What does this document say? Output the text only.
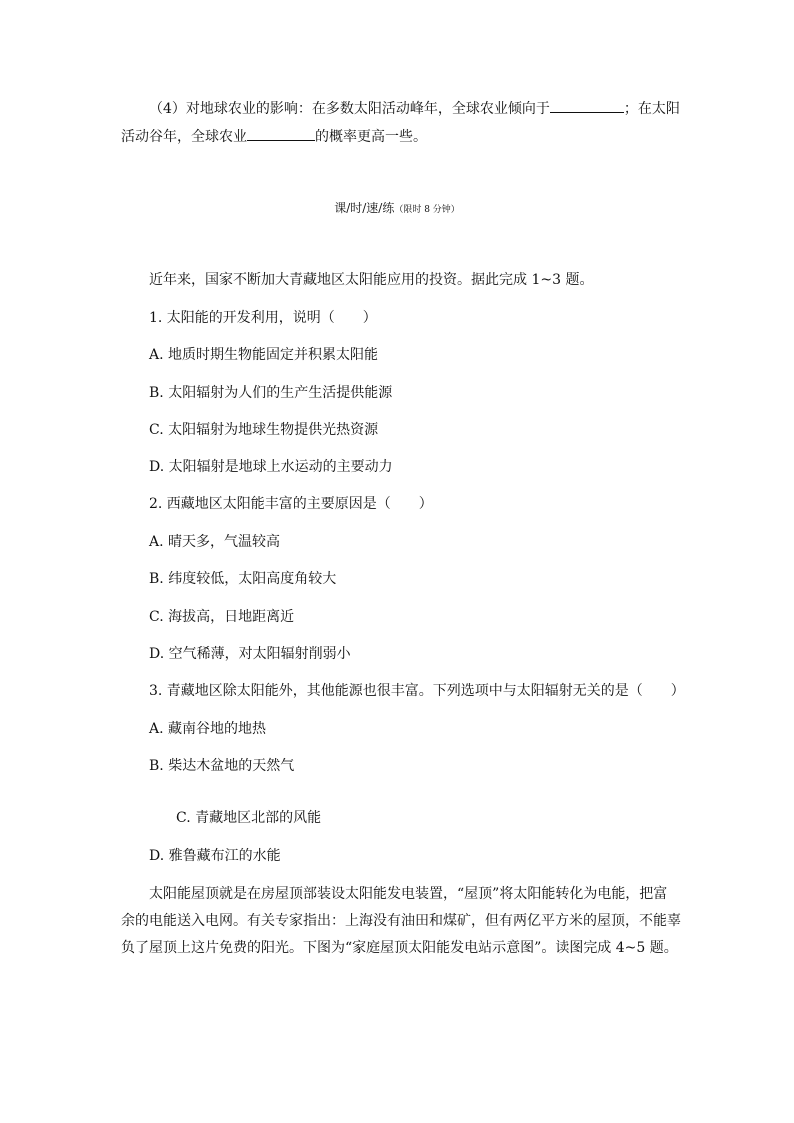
（4）对地球农业的影响：在多数太阳活动峰年，全球农业倾向于	；在太阳
活动谷年，全球农业	的概率更高一些。
课/时/速/练（限时 8 分钟）
近年来，国家不断加大青藏地区太阳能应用的投资。据此完成 1~3 题。
1. 太阳能的开发利用，说明（　　）
A. 地质时期生物能固定并积累太阳能
B. 太阳辐射为人们的生产生活提供能源
C. 太阳辐射为地球生物提供光热资源
D. 太阳辐射是地球上水运动的主要动力
2. 西藏地区太阳能丰富的主要原因是（　　）
A. 晴天多，气温较高
B. 纬度较低，太阳高度角较大
C. 海拔高，日地距离近
D. 空气稀薄，对太阳辐射削弱小
3. 青藏地区除太阳能外，其他能源也很丰富。下列选项中与太阳辐射无关的是（　　）
A. 藏南谷地的地热
B. 柴达木盆地的天然气
C. 青藏地区北部的风能
D. 雅鲁藏布江的水能
太阳能屋顶就是在房屋顶部装设太阳能发电装置，“屋顶”将太阳能转化为电能，把富
余的电能送入电网。有关专家指出：上海没有油田和煤矿，但有两亿平方米的屋顶，不能辜
负了屋顶上这片免费的阳光。下图为“家庭屋顶太阳能发电站示意图”。读图完成 4~5 题。
